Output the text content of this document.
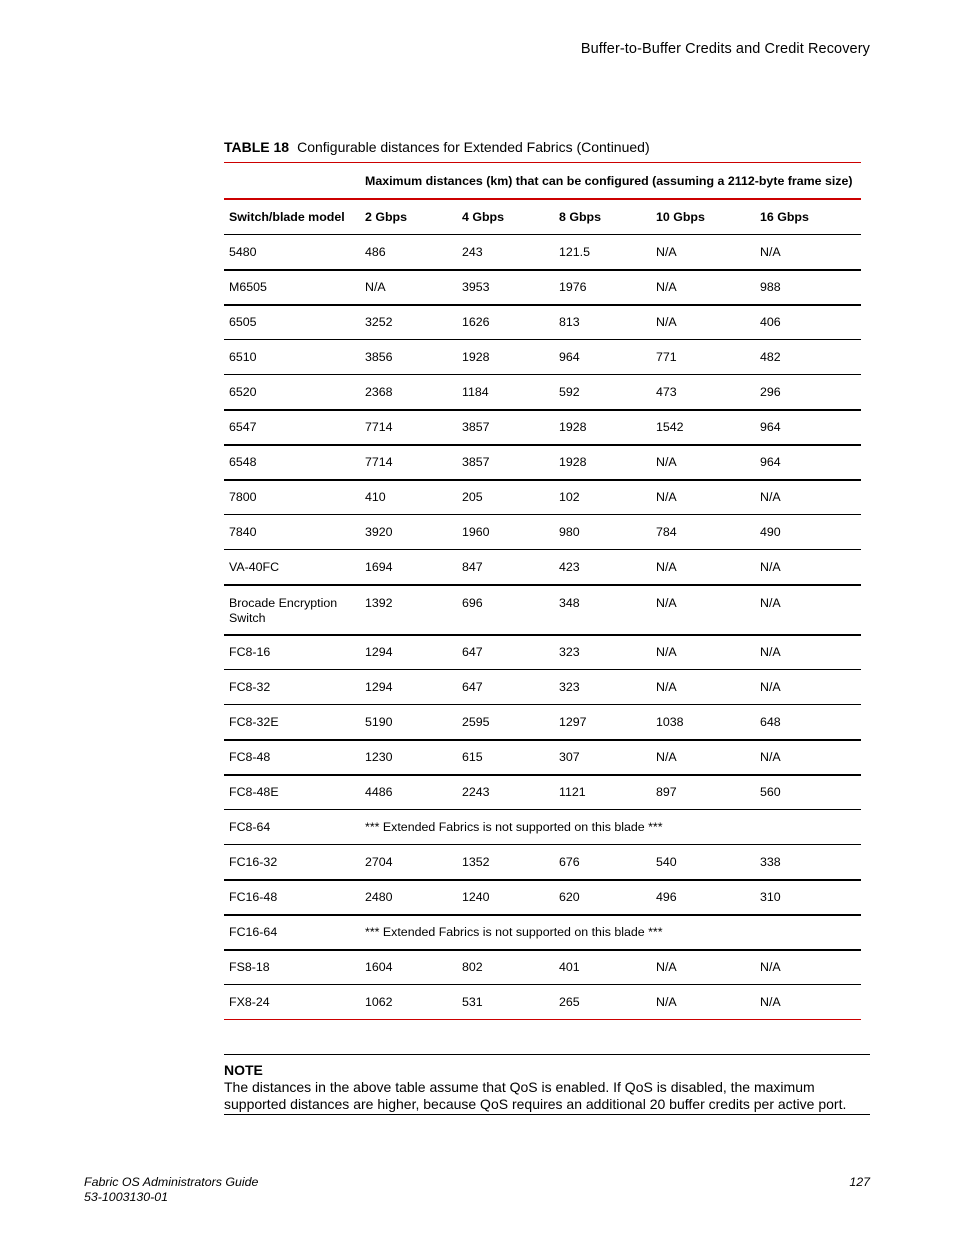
Buffer-to-Buffer Credits and Credit Recovery
TABLE 18 Configurable distances for Extended Fabrics (Continued)
	Maximum distances (km) that can be configured (assuming a 2112-byte frame size)				
Switch/blade model	2 Gbps	4 Gbps	8 Gbps	10 Gbps	16 Gbps
5480	486	243	121.5	N/A	N/A
M6505	N/A	3953	1976	N/A	988
6505	3252	1626	813	N/A	406
6510	3856	1928	964	771	482
6520	2368	1184	592	473	296
6547	7714	3857	1928	1542	964
6548	7714	3857	1928	N/A	964
7800	410	205	102	N/A	N/A
7840	3920	1960	980	784	490
VA-40FC	1694	847	423	N/A	N/A
Brocade Encryption Switch	1392	696	348	N/A	N/A
FC8-16	1294	647	323	N/A	N/A
FC8-32	1294	647	323	N/A	N/A
FC8-32E	5190	2595	1297	1038	648
FC8-48	1230	615	307	N/A	N/A
FC8-48E	4486	2243	1121	897	560
FC8-64	*** Extended Fabrics is not supported on this blade ***				
FC16-32	2704	1352	676	540	338
FC16-48	2480	1240	620	496	310
FC16-64	*** Extended Fabrics is not supported on this blade ***				
FS8-18	1604	802	401	N/A	N/A
FX8-24	1062	531	265	N/A	N/A
NOTE
The distances in the above table assume that QoS is enabled. If QoS is disabled, the maximum supported distances are higher, because QoS requires an additional 20 buffer credits per active port.
Fabric OS Administrators Guide
53-1003130-01
127
